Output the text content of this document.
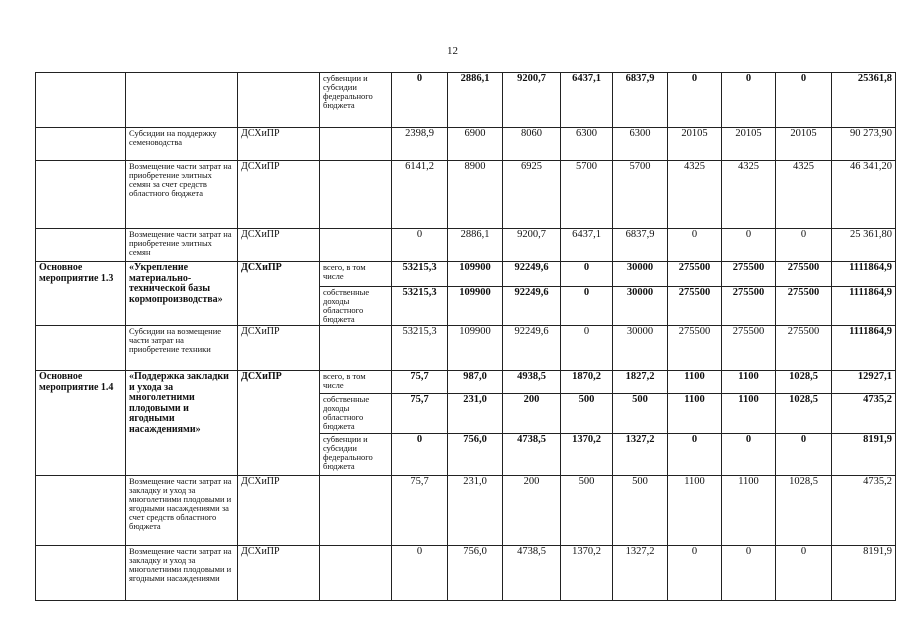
12
			субвенции и субсидии федерального бюджета	0	2886,1	9200,7	6437,1	6837,9	0	0	0	25361,8
	Субсидии на поддержку семеноводства	ДСХиПР		2398,9	6900	8060	6300	6300	20105	20105	20105	90 273,90
	Возмещение части затрат на приобретение элитных семян за счет средств областного бюджета	ДСХиПР		6141,2	8900	6925	5700	5700	4325	4325	4325	46 341,20
	Возмещение части затрат на приобретение элитных семян	ДСХиПР		0	2886,1	9200,7	6437,1	6837,9	0	0	0	25 361,80
Основное мероприятие 1.3	«Укрепление материально-технической базы кормопроизводства»	ДСХиПР	всего, в том числе	53215,3	109900	92249,6	0	30000	275500	275500	275500	1111864,9
			собственные доходы областного бюджета	53215,3	109900	92249,6	0	30000	275500	275500	275500	1111864,9
	Субсидии на возмещение части затрат на приобретение техники	ДСХиПР		53215,3	109900	92249,6	0	30000	275500	275500	275500	1111864,9
Основное мероприятие 1.4	«Поддержка закладки и ухода за многолетними плодовыми и ягодными насаждениями»	ДСХиПР	всего, в том числе	75,7	987,0	4938,5	1870,2	1827,2	1100	1100	1028,5	12927,1
			собственные доходы областного бюджета	75,7	231,0	200	500	500	1100	1100	1028,5	4735,2
			субвенции и субсидии федерального бюджета	0	756,0	4738,5	1370,2	1327,2	0	0	0	8191,9
	Возмещение части затрат на закладку и уход за многолетними плодовыми и ягодными насаждениями за счет средств областного бюджета	ДСХиПР		75,7	231,0	200	500	500	1100	1100	1028,5	4735,2
	Возмещение части затрат на закладку и уход за многолетними плодовыми и ягодными насаждениями	ДСХиПР		0	756,0	4738,5	1370,2	1327,2	0	0	0	8191,9
